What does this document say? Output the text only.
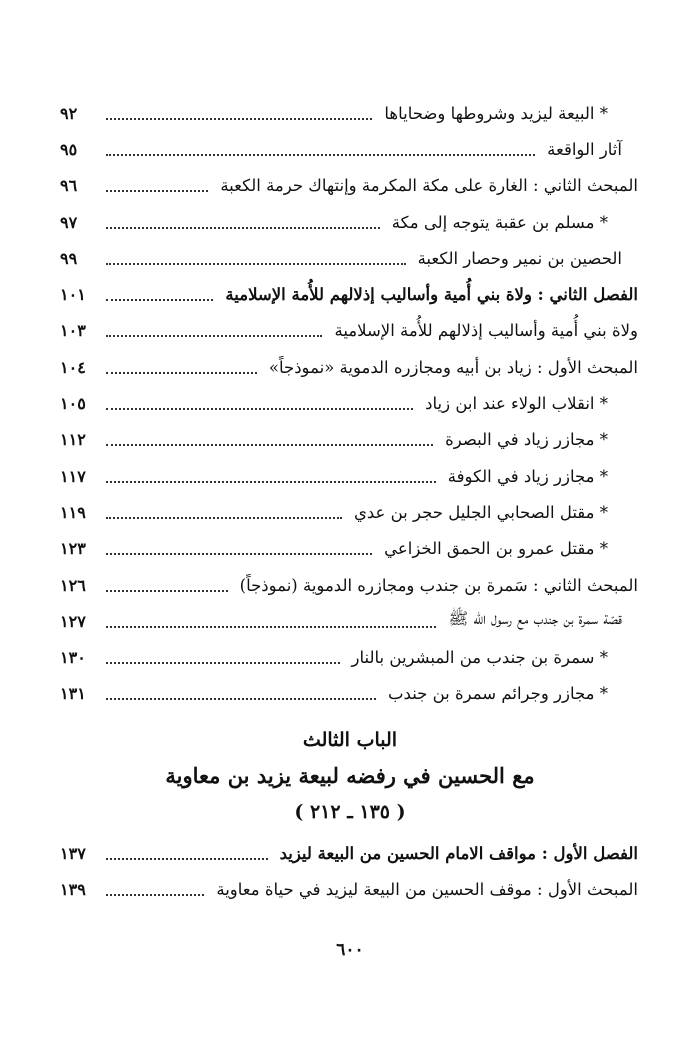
* البيعة ليزيد وشروطها وضحاياها
٩٢
آثار الواقعة
٩٥
المبحث الثاني : الغارة على مكة المكرمة وإنتهاك حرمة الكعبة
٩٦
* مسلم بن عقبة يتوجه إلى مكة
٩٧
الحصين بن نمير وحصار الكعبة
٩٩
الفصل الثاني : ولاة بني أُمية وأساليب إذلالهم للأُمة الإسلامية
١٠١
ولاة بني أُمية وأساليب إذلالهم للأُمة الإسلامية
١٠٣
المبحث الأول : زياد بن أبيه ومجازره الدموية «نموذجاً»
١٠٤
* انقلاب الولاء عند ابن زياد
١٠٥
* مجازر زياد في البصرة
١١٢
* مجازر زياد في الكوفة
١١٧
* مقتل الصحابي الجليل حجر بن عدي
١١٩
* مقتل عمرو بن الحمق الخزاعي
١٢٣
المبحث الثاني : سَمرة بن جندب ومجازره الدموية (نموذجاً)
١٢٦
قصّة سمرة بن جندب مع رسول الله ﷺ
١٢٧
* سمرة بن جندب من المبشرين بالنار
١٣٠
* مجازر وجرائم سمرة بن جندب
١٣١
الباب الثالث
مع الحسين في رفضه لبيعة يزيد بن معاوية
( ١٣٥ ـ ٢١٢ )
الفصل الأول : مواقف الامام الحسين من البيعة ليزيد
١٣٧
المبحث الأول : موقف الحسين من البيعة ليزيد في حياة معاوية
١٣٩
٦٠٠
